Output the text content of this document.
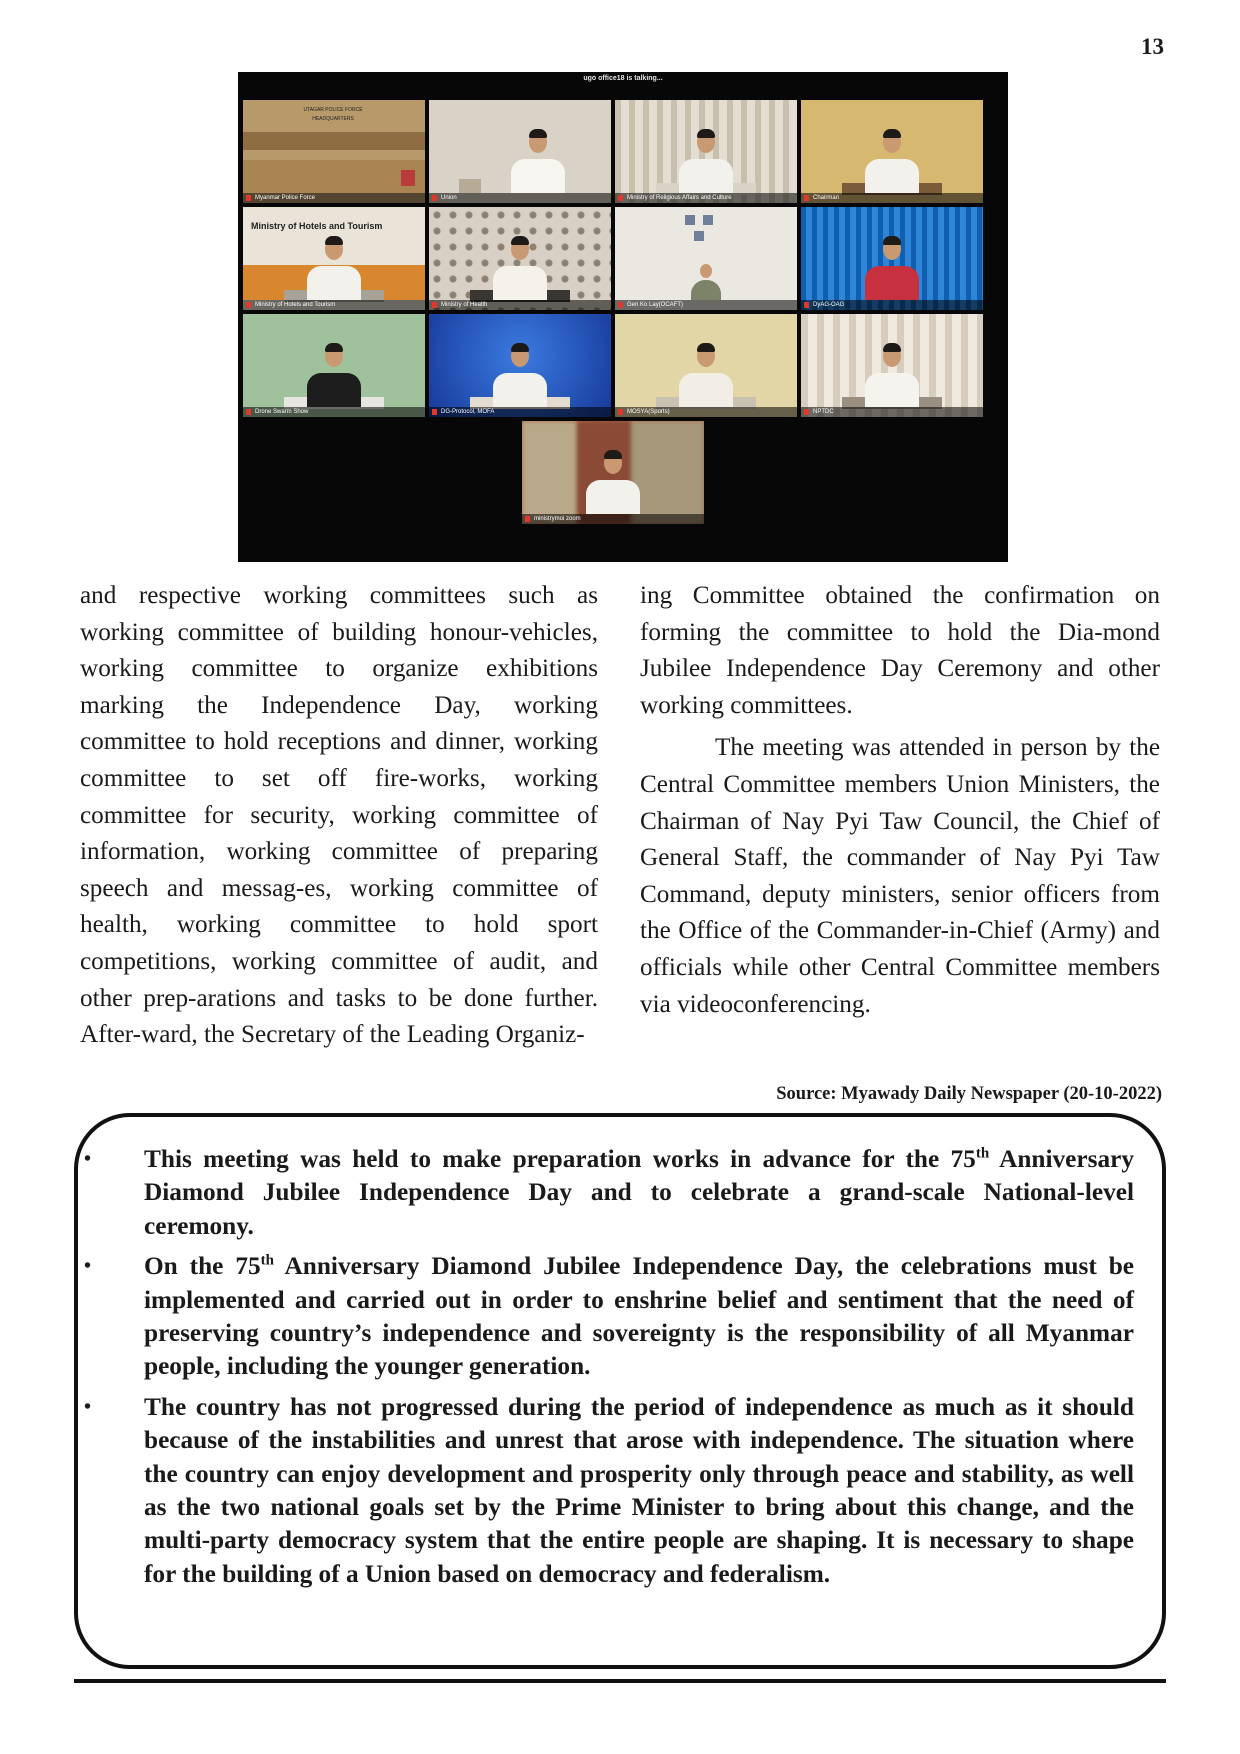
13
ugo office18 is talking...
UTAGAR POLICE FORCE HEADQUARTERS
Myanmar Police Force	Union	Ministry of Religious Affairs and Culture	Chairman
Ministry of Hotels and Tourism
Ministry of Hotels and Tourism	Ministry of Health	Gen Ko Lay(OCAFT)	DyAG-OAG
Drone Swarm Show	DG-Protocol, MOFA	MOSYA(Sports)	NPTDC
ministrymoi zoom

and respective working committees such as working committee of building honour-vehicles, working committee to organize exhibitions marking the Independence Day, working committee to hold receptions and dinner, working committee to set off fire-works, working committee for security, working committee of information, working committee of preparing speech and messag-es, working committee of health, working committee to hold sport competitions, working committee of audit, and other prep-arations and tasks to be done further. After-ward, the Secretary of the Leading Organiz-

ing Committee obtained the confirmation on forming the committee to hold the Dia-mond Jubilee Independence Day Ceremony and other working committees.

The meeting was attended in person by the Central Committee members Union Ministers, the Chairman of Nay Pyi Taw Council, the Chief of General Staff, the commander of Nay Pyi Taw Command, deputy ministers, senior officers from the Office of the Commander-in-Chief (Army) and officials while other Central Committee members via videoconferencing.

Source: Myawady Daily Newspaper (20-10-2022)
• This meeting was held to make preparation works in advance for the 75th Anniversary Diamond Jubilee Independence Day and to celebrate a grand-scale National-level ceremony.
• On the 75th Anniversary Diamond Jubilee Independence Day, the celebrations must be implemented and carried out in order to enshrine belief and sentiment that the need of preserving country’s independence and sovereignty is the responsibility of all Myanmar people, including the younger generation.
• The country has not progressed during the period of independence as much as it should because of the instabilities and unrest that arose with independence. The situation where the country can enjoy development and prosperity only through peace and stability, as well as the two national goals set by the Prime Minister to bring about this change, and the multi-party democracy system that the entire people are shaping. It is necessary to shape for the building of a Union based on democracy and federalism.
